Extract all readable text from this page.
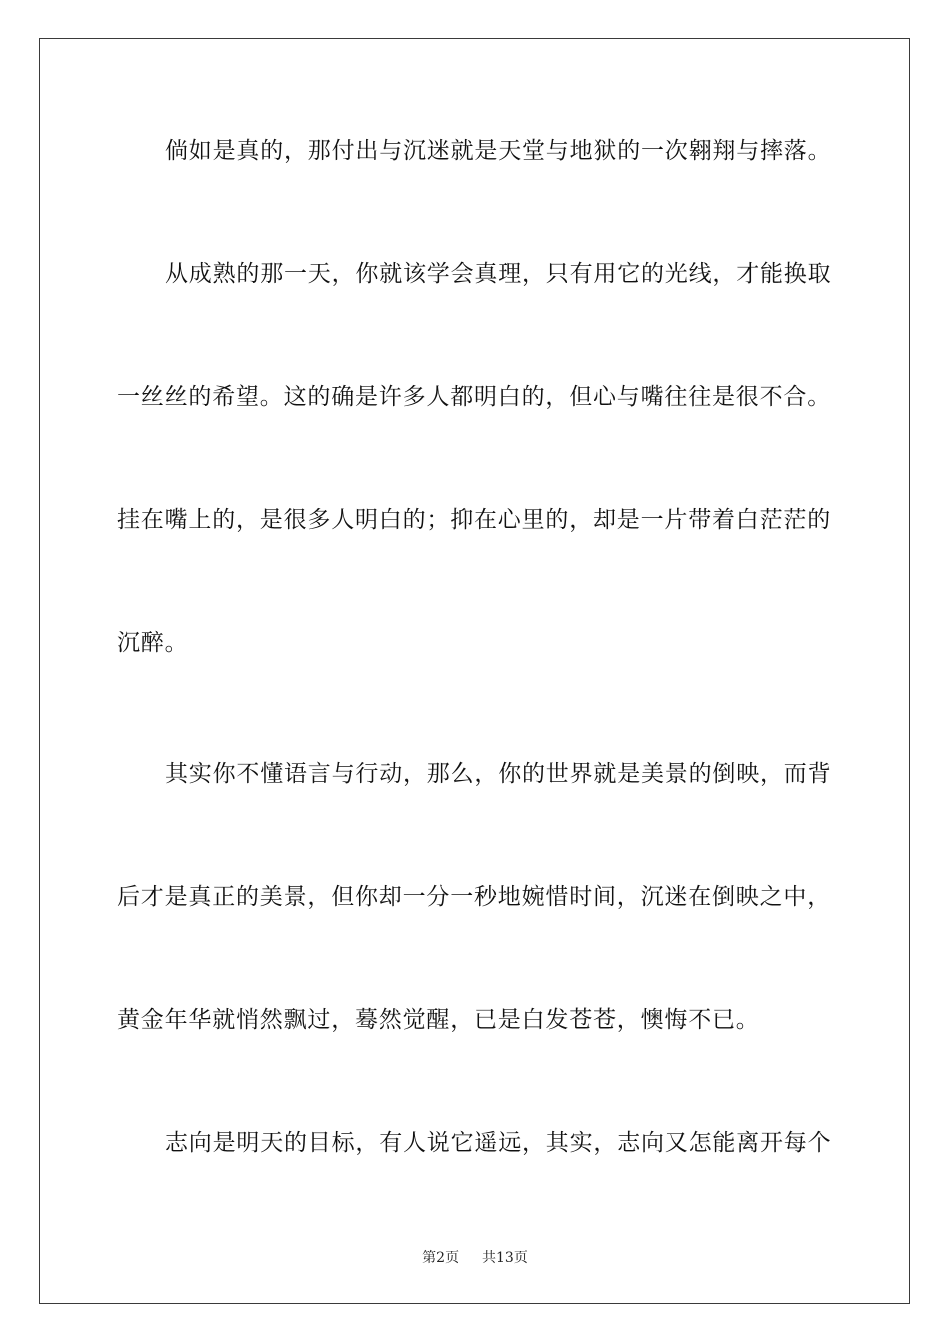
倘如是真的，那付出与沉迷就是天堂与地狱的一次翱翔与摔落。
从成熟的那一天，你就该学会真理，只有用它的光线，才能换取
一丝丝的希望。这的确是许多人都明白的，但心与嘴往往是很不合。
挂在嘴上的，是很多人明白的；抑在心里的，却是一片带着白茫茫的
沉醉。
其实你不懂语言与行动，那么，你的世界就是美景的倒映，而背
后才是真正的美景，但你却一分一秒地婉惜时间，沉迷在倒映之中，
黄金年华就悄然飘过，蓦然觉醒，已是白发苍苍，懊悔不已。
志向是明天的目标，有人说它遥远，其实，志向又怎能离开每个
第2页 共13页
